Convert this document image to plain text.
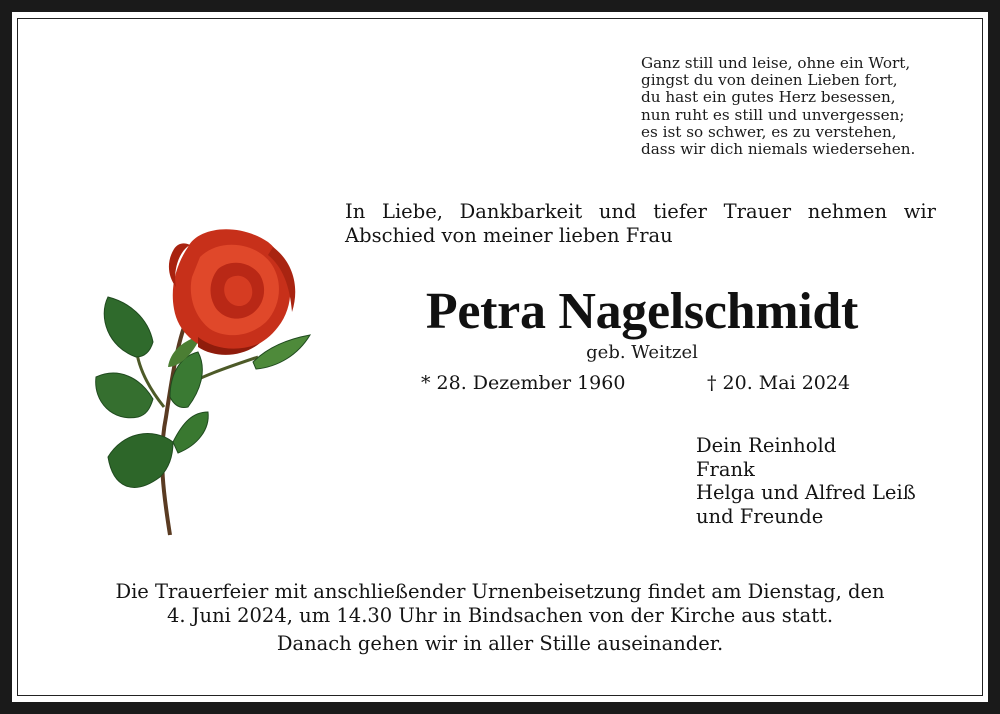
Ganz still und leise, ohne ein Wort,
gingst du von deinen Lieben fort,
du hast ein gutes Herz besessen,
nun ruht es still und unvergessen;
es ist so schwer, es zu verstehen,
dass wir dich niemals wiedersehen.
In Liebe, Dankbarkeit und tiefer Trauer nehmen wir
Abschied von meiner lieben Frau
Petra Nagelschmidt
geb. Weitzel
* 28. Dezember 1960	† 20. Mai 2024
Dein Reinhold
Frank
Helga und Alfred Leiß
und Freunde
Die Trauerfeier mit anschließender Urnenbeisetzung findet am Dienstag, den
4. Juni 2024, um 14.30 Uhr in Bindsachen von der Kirche aus statt.
Danach gehen wir in aller Stille auseinander.
